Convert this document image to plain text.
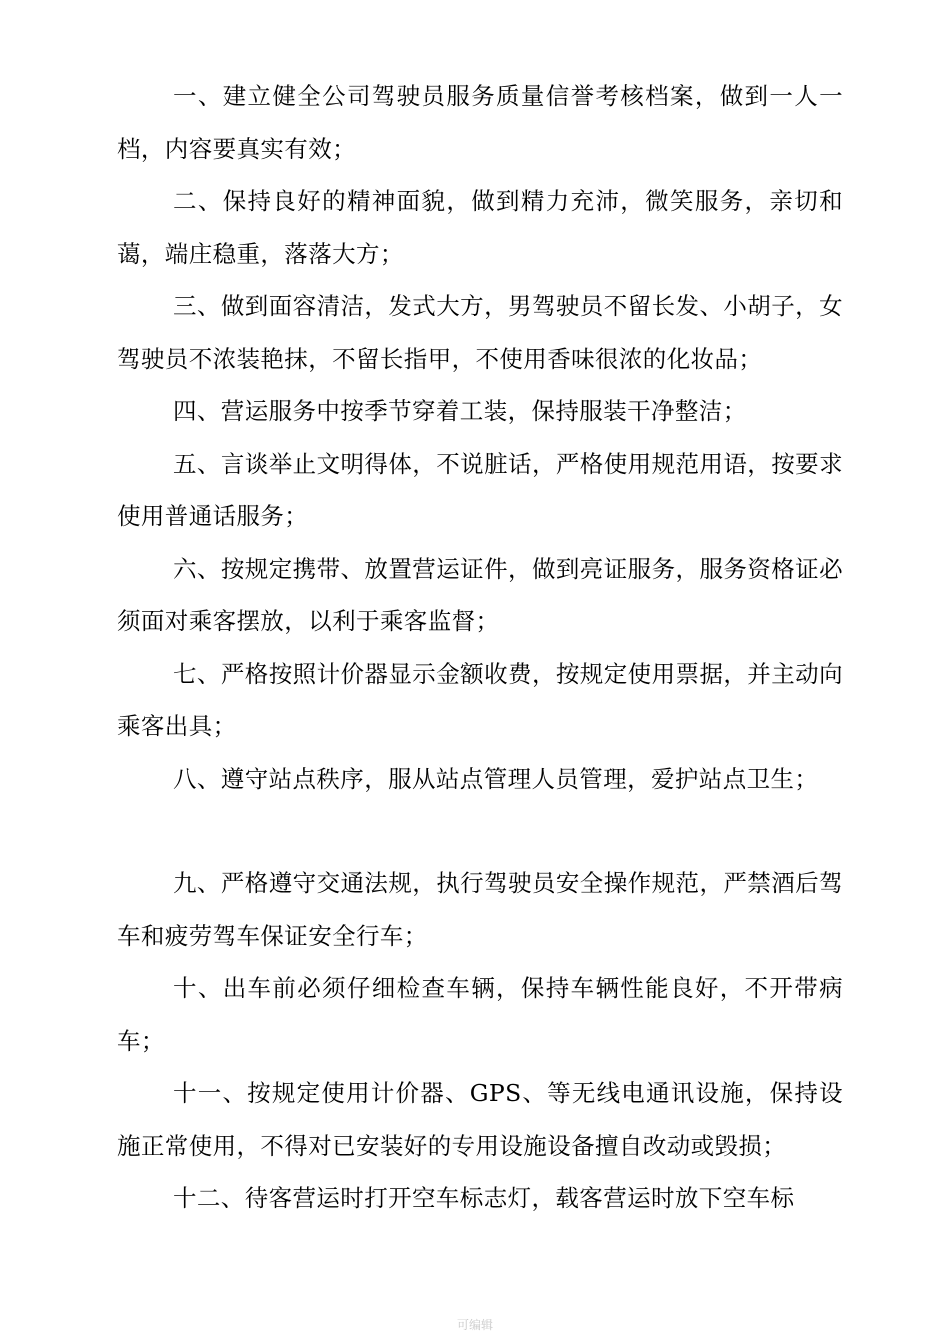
一、建立健全公司驾驶员服务质量信誉考核档案，做到一人一档，内容要真实有效；

二、保持良好的精神面貌，做到精力充沛，微笑服务，亲切和蔼，端庄稳重，落落大方；

三、做到面容清洁，发式大方，男驾驶员不留长发、小胡子，女驾驶员不浓装艳抹，不留长指甲，不使用香味很浓的化妆品；

四、营运服务中按季节穿着工装，保持服装干净整洁；

五、言谈举止文明得体，不说脏话，严格使用规范用语，按要求使用普通话服务；

六、按规定携带、放置营运证件，做到亮证服务，服务资格证必须面对乘客摆放，以利于乘客监督；

七、严格按照计价器显示金额收费，按规定使用票据，并主动向乘客出具；

八、遵守站点秩序，服从站点管理人员管理，爱护站点卫生；

九、严格遵守交通法规，执行驾驶员安全操作规范，严禁酒后驾车和疲劳驾车保证安全行车；

十、出车前必须仔细检查车辆，保持车辆性能良好，不开带病车；

十一、按规定使用计价器、GPS、等无线电通讯设施，保持设施正常使用，不得对已安装好的专用设施设备擅自改动或毁损；

十二、待客营运时打开空车标志灯，载客营运时放下空车标

可编辑
